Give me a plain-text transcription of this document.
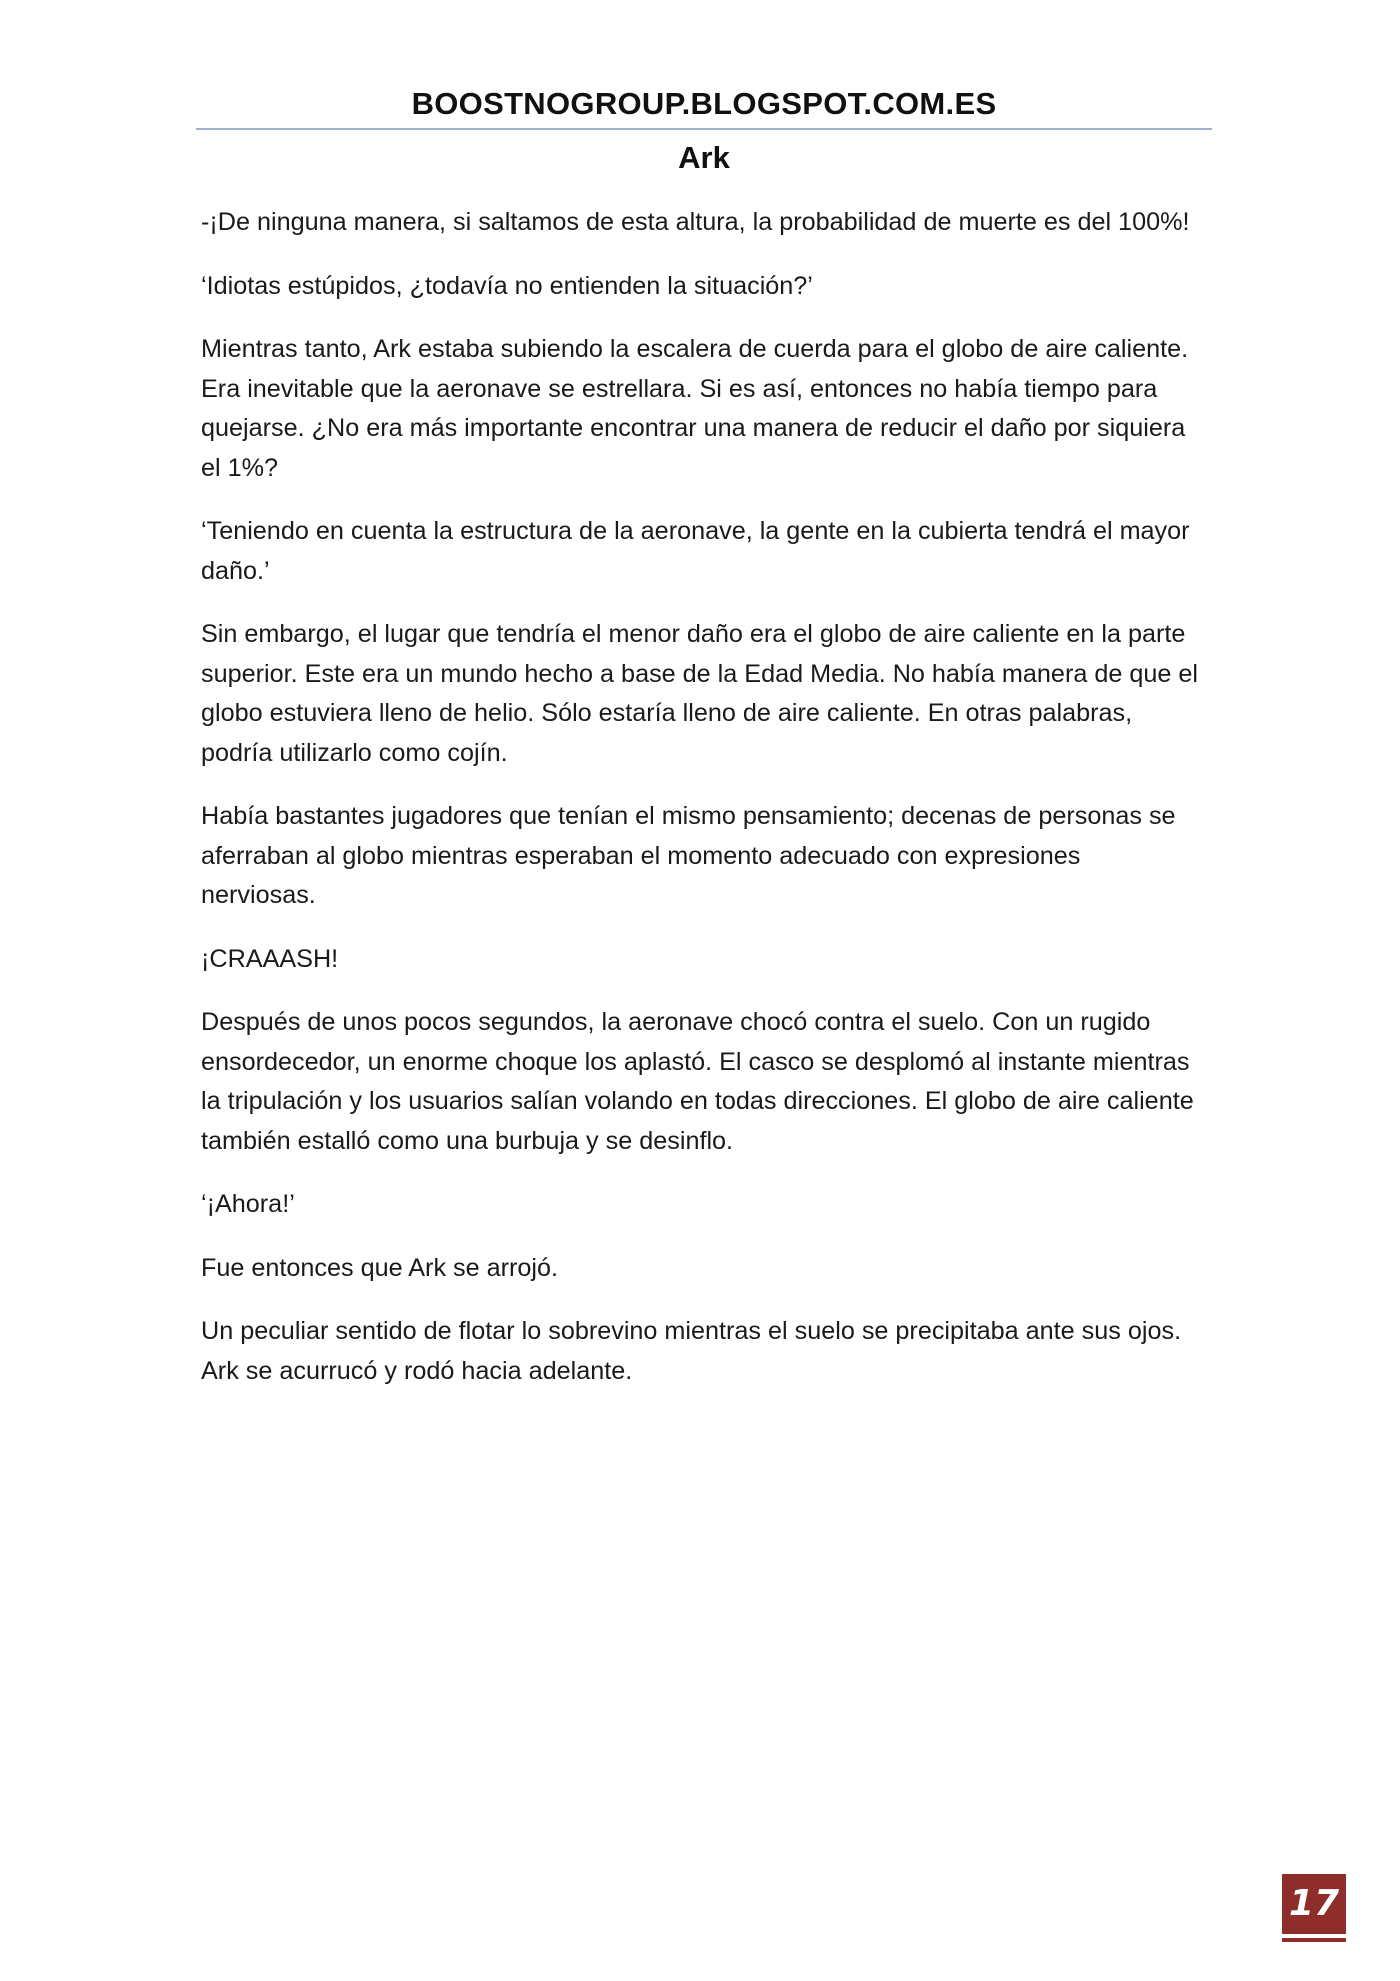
BOOSTNOGROUP.BLOGSPOT.COM.ES
Ark

-¡De ninguna manera, si saltamos de esta altura, la probabilidad de muerte es del 100%!

‘Idiotas estúpidos, ¿todavía no entienden la situación?’

Mientras tanto, Ark estaba subiendo la escalera de cuerda para el globo de aire caliente. Era inevitable que la aeronave se estrellara. Si es así, entonces no había tiempo para quejarse. ¿No era más importante encontrar una manera de reducir el daño por siquiera el 1%?

‘Teniendo en cuenta la estructura de la aeronave, la gente en la cubierta tendrá el mayor daño.’

Sin embargo, el lugar que tendría el menor daño era el globo de aire caliente en la parte superior. Este era un mundo hecho a base de la Edad Media. No había manera de que el globo estuviera lleno de helio. Sólo estaría lleno de aire caliente. En otras palabras, podría utilizarlo como cojín.

Había bastantes jugadores que tenían el mismo pensamiento; decenas de personas se aferraban al globo mientras esperaban el momento adecuado con expresiones nerviosas.

¡CRAAASH!

Después de unos pocos segundos, la aeronave chocó contra el suelo. Con un rugido ensordecedor, un enorme choque los aplastó. El casco se desplomó al instante mientras la tripulación y los usuarios salían volando en todas direcciones. El globo de aire caliente también estalló como una burbuja y se desinflo.

‘¡Ahora!’

Fue entonces que Ark se arrojó.

Un peculiar sentido de flotar lo sobrevino mientras el suelo se precipitaba ante sus ojos. Ark se acurrucó y rodó hacia adelante.

17
